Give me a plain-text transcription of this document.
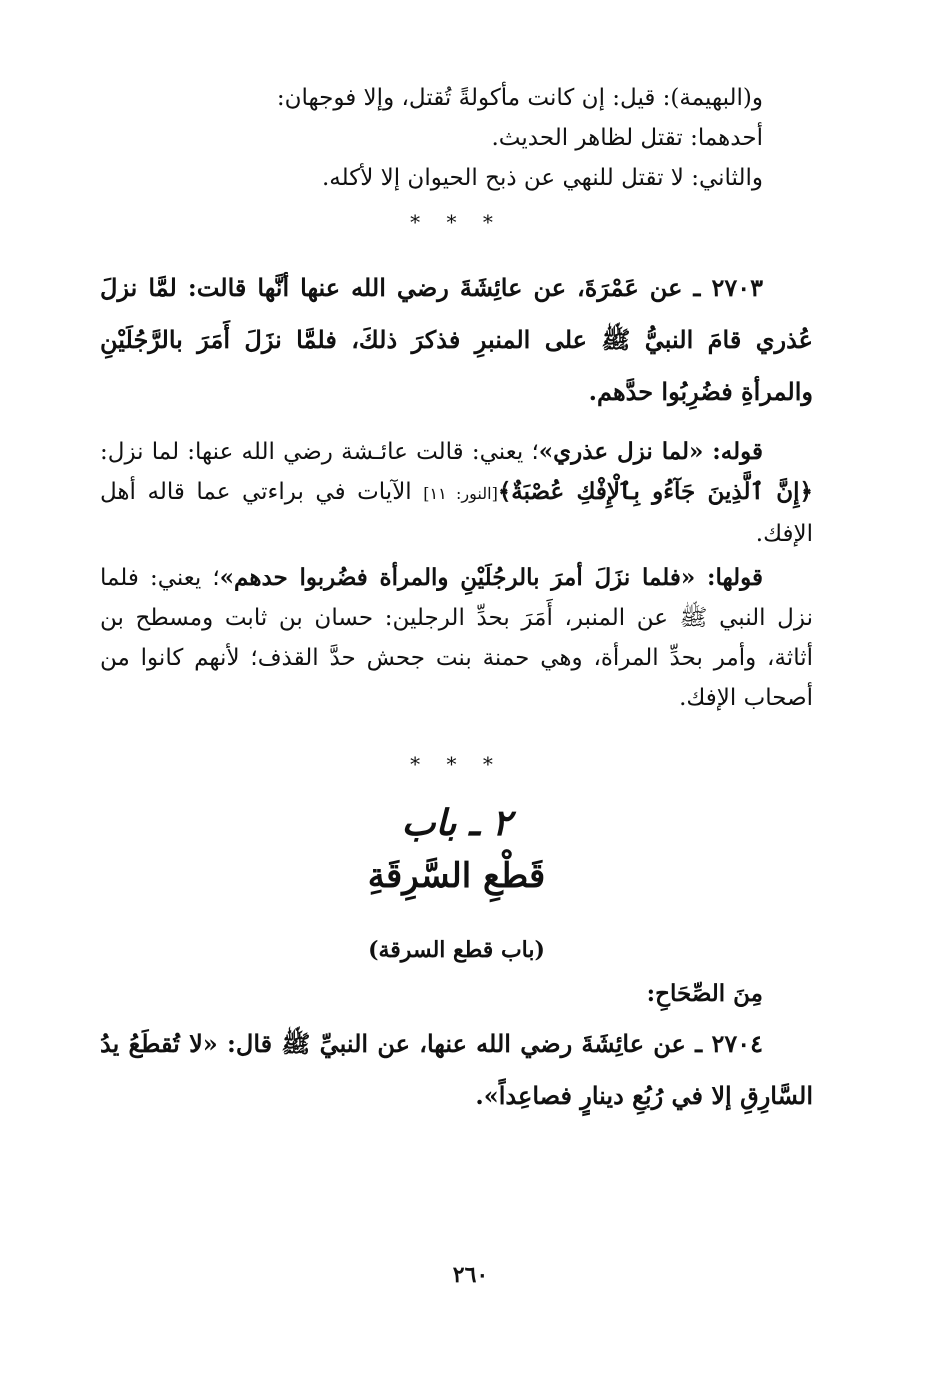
و(البهيمة): قيل: إن كانت مأكولةً تُقتل، وإلا فوجهان:

أحدهما: تقتل لظاهر الحديث.

والثاني: لا تقتل للنهي عن ذبح الحيوان إلا لأكله.

* * *

٢٧٠٣ ـ عن عَمْرَةَ، عن عائِشَةَ رضي الله عنها أنَّها قالت: لمَّا نزلَ عُذري قامَ النبيُّ ﷺ على المنبرِ فذكرَ ذلكَ، فلمَّا نزَلَ أَمَرَ بالرَّجُلَيْنِ والمرأةِ فضُرِبُوا حدَّهم.

قوله: «لما نزل عذري»؛ يعني: قالت عائـشة رضي الله عنها: لما نزل: ﴿إِنَّ ٱلَّذِينَ جَآءُو بِٱلْإِفْكِ عُصْبَةٌ﴾[النور: ١١] الآيات في براءتي عما قاله أهل الإفك.

قولها: «فلما نزَلَ أمرَ بالرجُلَيْنِ والمرأة فضُربوا حدهم»؛ يعني: فلما نزل النبي ﷺ عن المنبر، أَمَرَ بحدِّ الرجلين: حسان بن ثابت ومسطح بن أثاثة، وأمر بحدِّ المرأة، وهي حمنة بنت جحش حدَّ القذف؛ لأنهم كانوا من أصحاب الإفك.

* * *

٢ ـ باب

قَطْعِ السَّرِقَةِ

(باب قطع السرقة)

مِنَ الصِّحَاحِ:

٢٧٠٤ ـ عن عائِشَةَ رضي الله عنها، عن النبيِّ ﷺ قال: «لا تُقطَعُ يدُ السَّارِقِ إلا في رُبُعِ دينارٍ فصاعِداً».

٢٦٠
